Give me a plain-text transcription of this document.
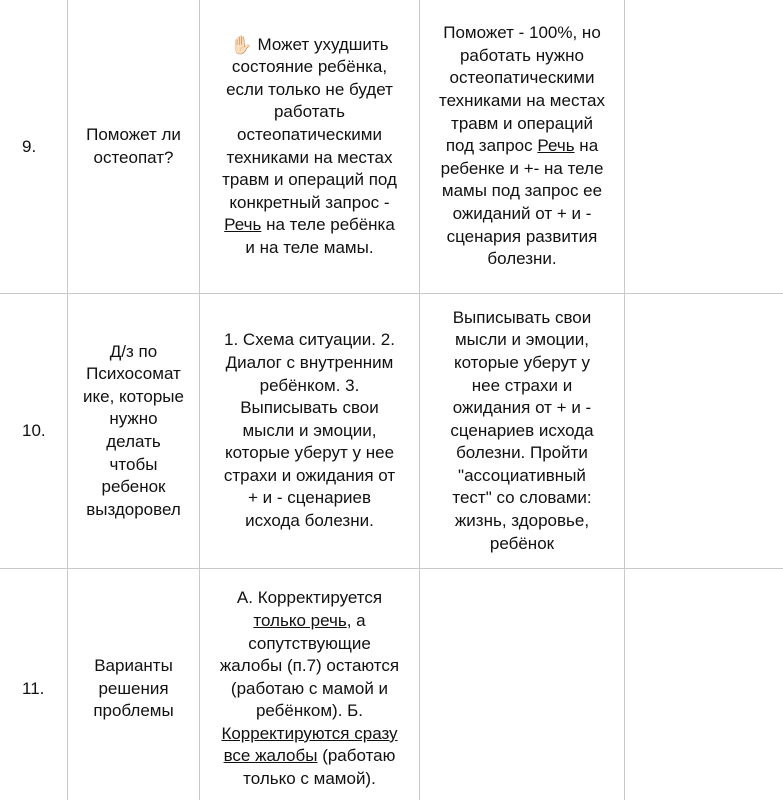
9.
Поможет ли
остеопат?
✋🏻 Может ухудшить
состояние ребёнка,
если только не будет
работать
остеопатическими
техниками на местах
травм и операций под
конкретный запрос -
Речь на теле ребёнка
и на теле мамы.
Поможет - 100%, но
работать нужно
остеопатическими
техниками на местах
травм и операций
под запрос Речь на
ребенке и +- на теле
мамы под запрос ее
ожиданий от + и -
сценария развития
болезни.
10.
Д/з по
Психосомат
ике, которые
нужно
делать
чтобы
ребенок
выздоровел
1. Схема ситуации. 2.
Диалог с внутренним
ребёнком. 3.
Выписывать свои
мысли и эмоции,
которые уберут у нее
страхи и ожидания от
+ и - сценариев
исхода болезни.
Выписывать свои
мысли и эмоции,
которые уберут у
нее страхи и
ожидания от + и -
сценариев исхода
болезни. Пройти
"ассоциативный
тест" со словами:
жизнь, здоровье,
ребёнок
11.
Варианты
решения
проблемы
А. Корректируется
только речь, а
сопутствующие
жалобы (п.7) остаются
(работаю с мамой и
ребёнком). Б.
Корректируются сразу
все жалобы (работаю
только с мамой).
